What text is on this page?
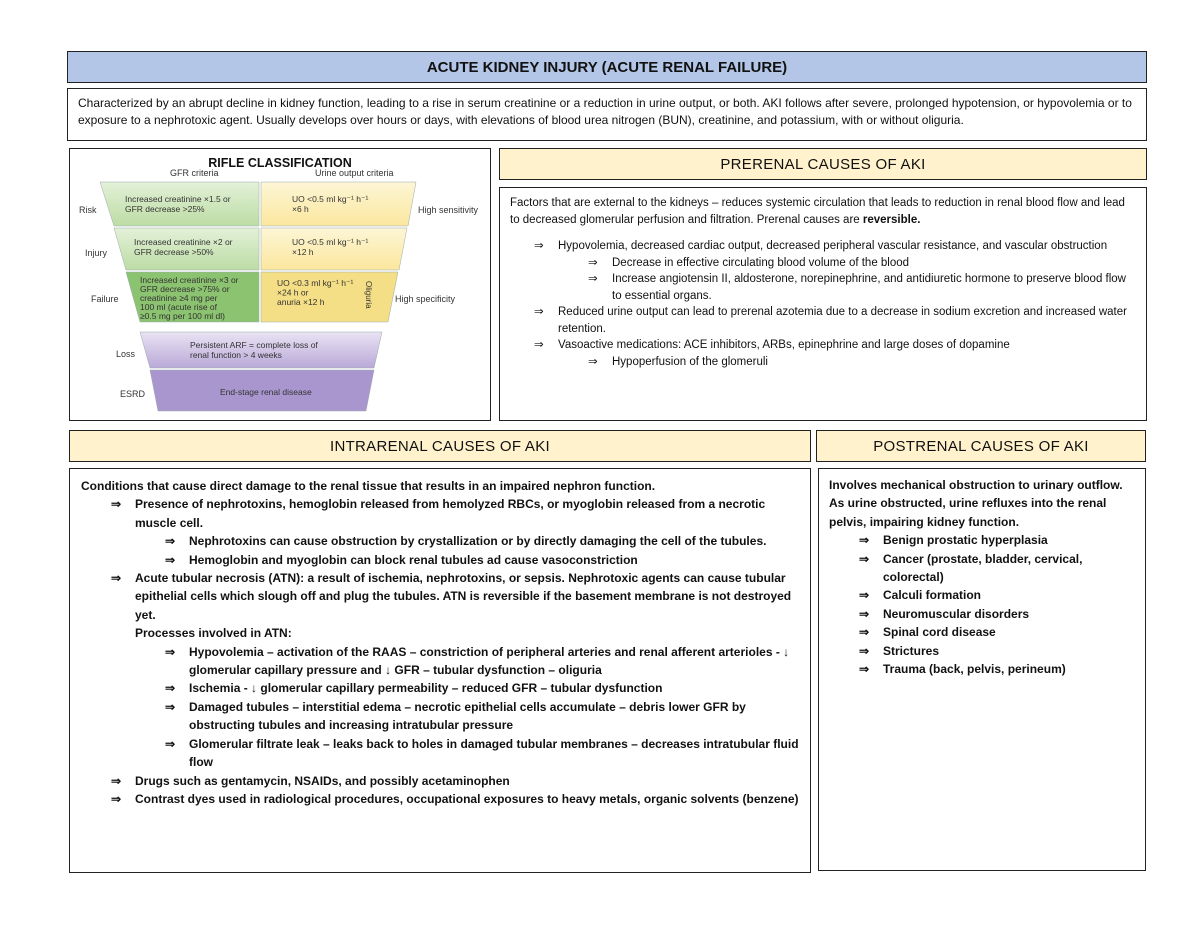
ACUTE KIDNEY INJURY (ACUTE RENAL FAILURE)
Characterized by an abrupt decline in kidney function, leading to a rise in serum creatinine or a reduction in urine output, or both. AKI follows after severe, prolonged hypotension, or hypovolemia or to exposure to a nephrotoxic agent. Usually develops over hours or days, with elevations of blood urea nitrogen (BUN), creatinine, and potassium, with or without oliguria.
RIFLE CLASSIFICATION
GFR criteria	Urine output criteria
Risk
Injury
Failure
Loss
ESRD
High sensitivity
High specificity
Increased creatinine ×1.5 or GFR decrease >25%
Increased creatinine ×2 or GFR decrease >50%
Increased creatinine ×3 or GFR decrease >75% or creatinine ≥4 mg per 100 ml (acute rise of ≥0.5 mg per 100 ml dl)
UO <0.5 ml kg⁻¹ h⁻¹ ×6 h
UO <0.5 ml kg⁻¹ h⁻¹ ×12 h
UO <0.3 ml kg⁻¹ h⁻¹ ×24 h or anuria ×12 h	Oliguria
Persistent ARF = complete loss of renal function > 4 weeks
End-stage renal disease
PRERENAL CAUSES OF AKI
Factors that are external to the kidneys – reduces systemic circulation that leads to reduction in renal blood flow and lead to decreased glomerular perfusion and filtration. Prerenal causes are reversible.
⇒ Hypovolemia, decreased cardiac output, decreased peripheral vascular resistance, and vascular obstruction
⇒ Decrease in effective circulating blood volume of the blood
⇒ Increase angiotensin II, aldosterone, norepinephrine, and antidiuretic hormone to preserve blood flow to essential organs.
⇒ Reduced urine output can lead to prerenal azotemia due to a decrease in sodium excretion and increased water retention.
⇒ Vasoactive medications: ACE inhibitors, ARBs, epinephrine and large doses of dopamine
⇒ Hypoperfusion of the glomeruli
INTRARENAL CAUSES OF AKI
Conditions that cause direct damage to the renal tissue that results in an impaired nephron function.
⇒ Presence of nephrotoxins, hemoglobin released from hemolyzed RBCs, or myoglobin released from a necrotic muscle cell.
⇒ Nephrotoxins can cause obstruction by crystallization or by directly damaging the cell of the tubules.
⇒ Hemoglobin and myoglobin can block renal tubules ad cause vasoconstriction
⇒ Acute tubular necrosis (ATN): a result of ischemia, nephrotoxins, or sepsis. Nephrotoxic agents can cause tubular epithelial cells which slough off and plug the tubules. ATN is reversible if the basement membrane is not destroyed yet.
Processes involved in ATN:
⇒ Hypovolemia – activation of the RAAS – constriction of peripheral arteries and renal afferent arterioles - ↓ glomerular capillary pressure and ↓ GFR – tubular dysfunction – oliguria
⇒ Ischemia - ↓ glomerular capillary permeability – reduced GFR – tubular dysfunction
⇒ Damaged tubules – interstitial edema – necrotic epithelial cells accumulate – debris lower GFR by obstructing tubules and increasing intratubular pressure
⇒ Glomerular filtrate leak – leaks back to holes in damaged tubular membranes – decreases intratubular fluid flow
⇒ Drugs such as gentamycin, NSAIDs, and possibly acetaminophen
⇒ Contrast dyes used in radiological procedures, occupational exposures to heavy metals, organic solvents (benzene)
POSTRENAL CAUSES OF AKI
Involves mechanical obstruction to urinary outflow. As urine obstructed, urine refluxes into the renal pelvis, impairing kidney function.
⇒ Benign prostatic hyperplasia
⇒ Cancer (prostate, bladder, cervical, colorectal)
⇒ Calculi formation
⇒ Neuromuscular disorders
⇒ Spinal cord disease
⇒ Strictures
⇒ Trauma (back, pelvis, perineum)
